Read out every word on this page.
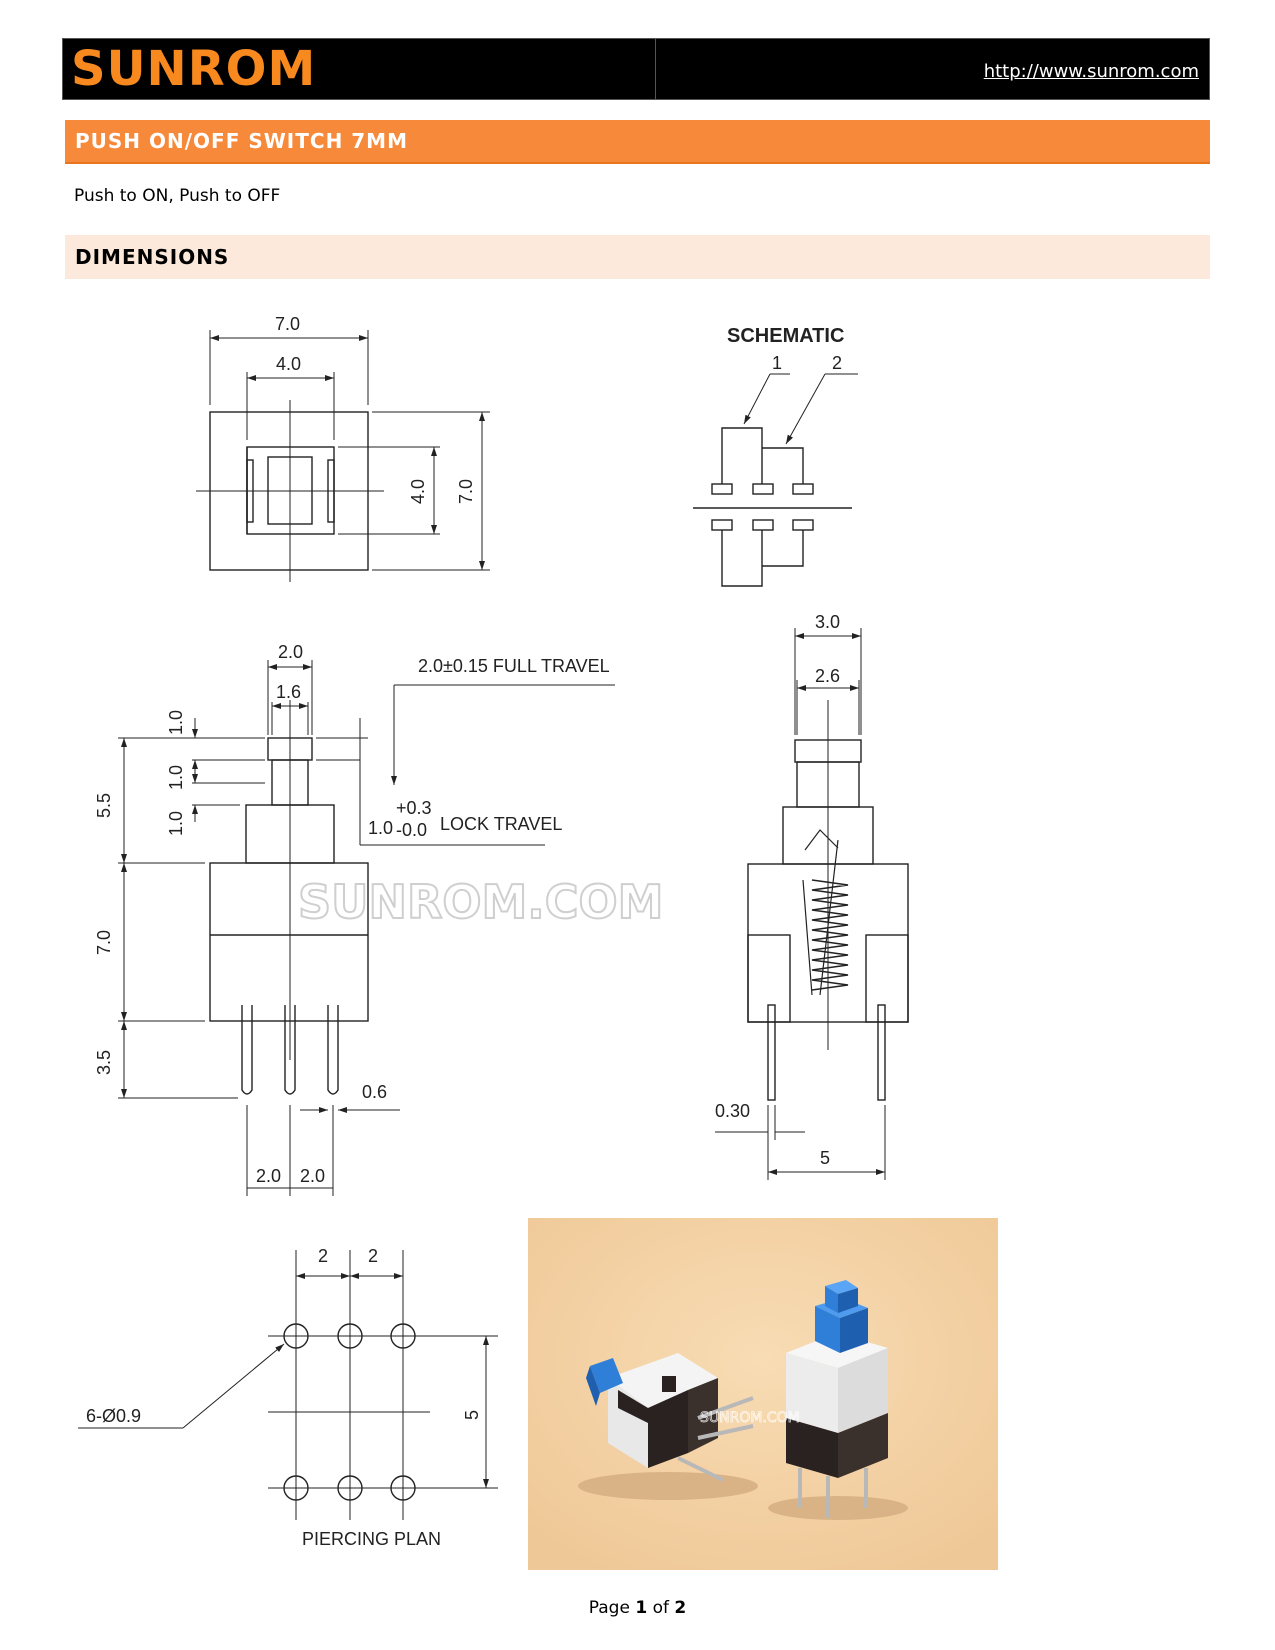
SUNROM	http://www.sunrom.com
PUSH ON/OFF SWITCH 7MM
Push to ON, Push to OFF
DIMENSIONS
7.0
4.0
4.0 7.0
SCHEMATIC
1	2
2.0
1.6
2.0±0.15 FULL TRAVEL
1.0
1.0
1.0
5.5
7.0
3.5
1.0
+0.3
-0.0 LOCK TRAVEL
0.6
2.0 2.0
3.0
2.6
0.30
5
2 2
6-Ø0.9	5
PIERCING PLAN
SUNROM.COM
SUNROM.COM
Page 1 of 2
